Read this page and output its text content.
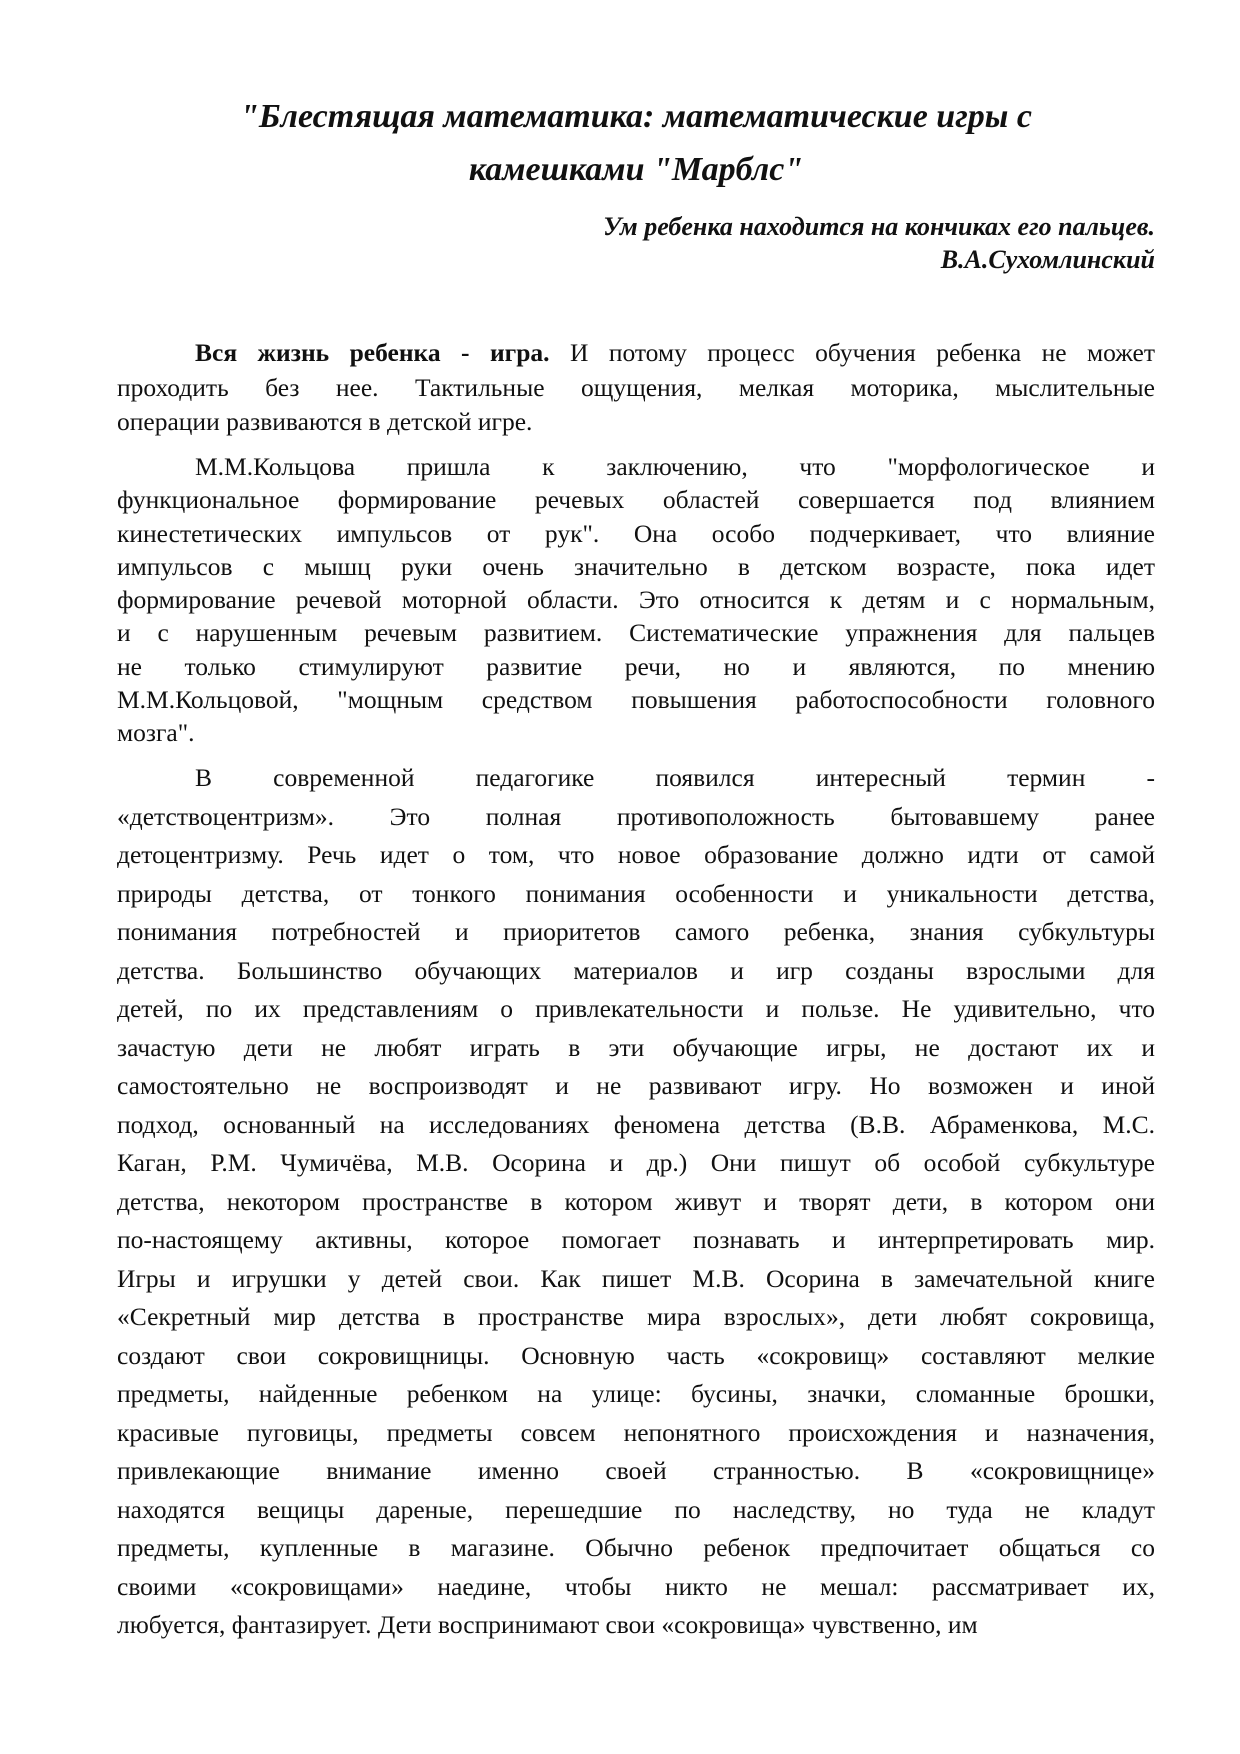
"Блестящая математика: математические игры с
камешками "Марблс"
Ум ребенка находится на кончиках его пальцев.
В.А.Сухомлинский
Вся жизнь ребенка - игра. И потому процесс обучения ребенка не может
проходить без нее. Тактильные ощущения, мелкая моторика, мыслительные
операции развиваются в детской игре.
М.М.Кольцова пришла к заключению, что "морфологическое и
функциональное формирование речевых областей совершается под влиянием
кинестетических импульсов от рук". Она особо подчеркивает, что влияние
импульсов с мышц руки очень значительно в детском возрасте, пока идет
формирование речевой моторной области. Это относится к детям и с нормальным,
и с нарушенным речевым развитием. Систематические упражнения для пальцев
не только стимулируют развитие речи, но и являются, по мнению
М.М.Кольцовой, "мощным средством повышения работоспособности головного
мозга".
В современной педагогике появился интересный термин -
«детствоцентризм». Это полная противоположность бытовавшему ранее
детоцентризму. Речь идет о том, что новое образование должно идти от самой
природы детства, от тонкого понимания особенности и уникальности детства,
понимания потребностей и приоритетов самого ребенка, знания субкультуры
детства. Большинство обучающих материалов и игр созданы взрослыми для
детей, по их представлениям о привлекательности и пользе. Не удивительно, что
зачастую дети не любят играть в эти обучающие игры, не достают их и
самостоятельно не воспроизводят и не развивают игру. Но возможен и иной
подход, основанный на исследованиях феномена детства (В.В. Абраменкова, М.С.
Каган, Р.М. Чумичёва, М.В. Осорина и др.) Они пишут об особой субкультуре
детства, некотором пространстве в котором живут и творят дети, в котором они
по-настоящему активны, которое помогает познавать и интерпретировать мир.
Игры и игрушки у детей свои. Как пишет М.В. Осорина в замечательной книге
«Секретный мир детства в пространстве мира взрослых», дети любят сокровища,
создают свои сокровищницы. Основную часть «сокровищ» составляют мелкие
предметы, найденные ребенком на улице: бусины, значки, сломанные брошки,
красивые пуговицы, предметы совсем непонятного происхождения и назначения,
привлекающие внимание именно своей странностью. В «сокровищнице»
находятся вещицы дареные, перешедшие по наследству, но туда не кладут
предметы, купленные в магазине. Обычно ребенок предпочитает общаться со
своими «сокровищами» наедине, чтобы никто не мешал: рассматривает их,
любуется, фантазирует. Дети воспринимают свои «сокровища» чувственно, им
